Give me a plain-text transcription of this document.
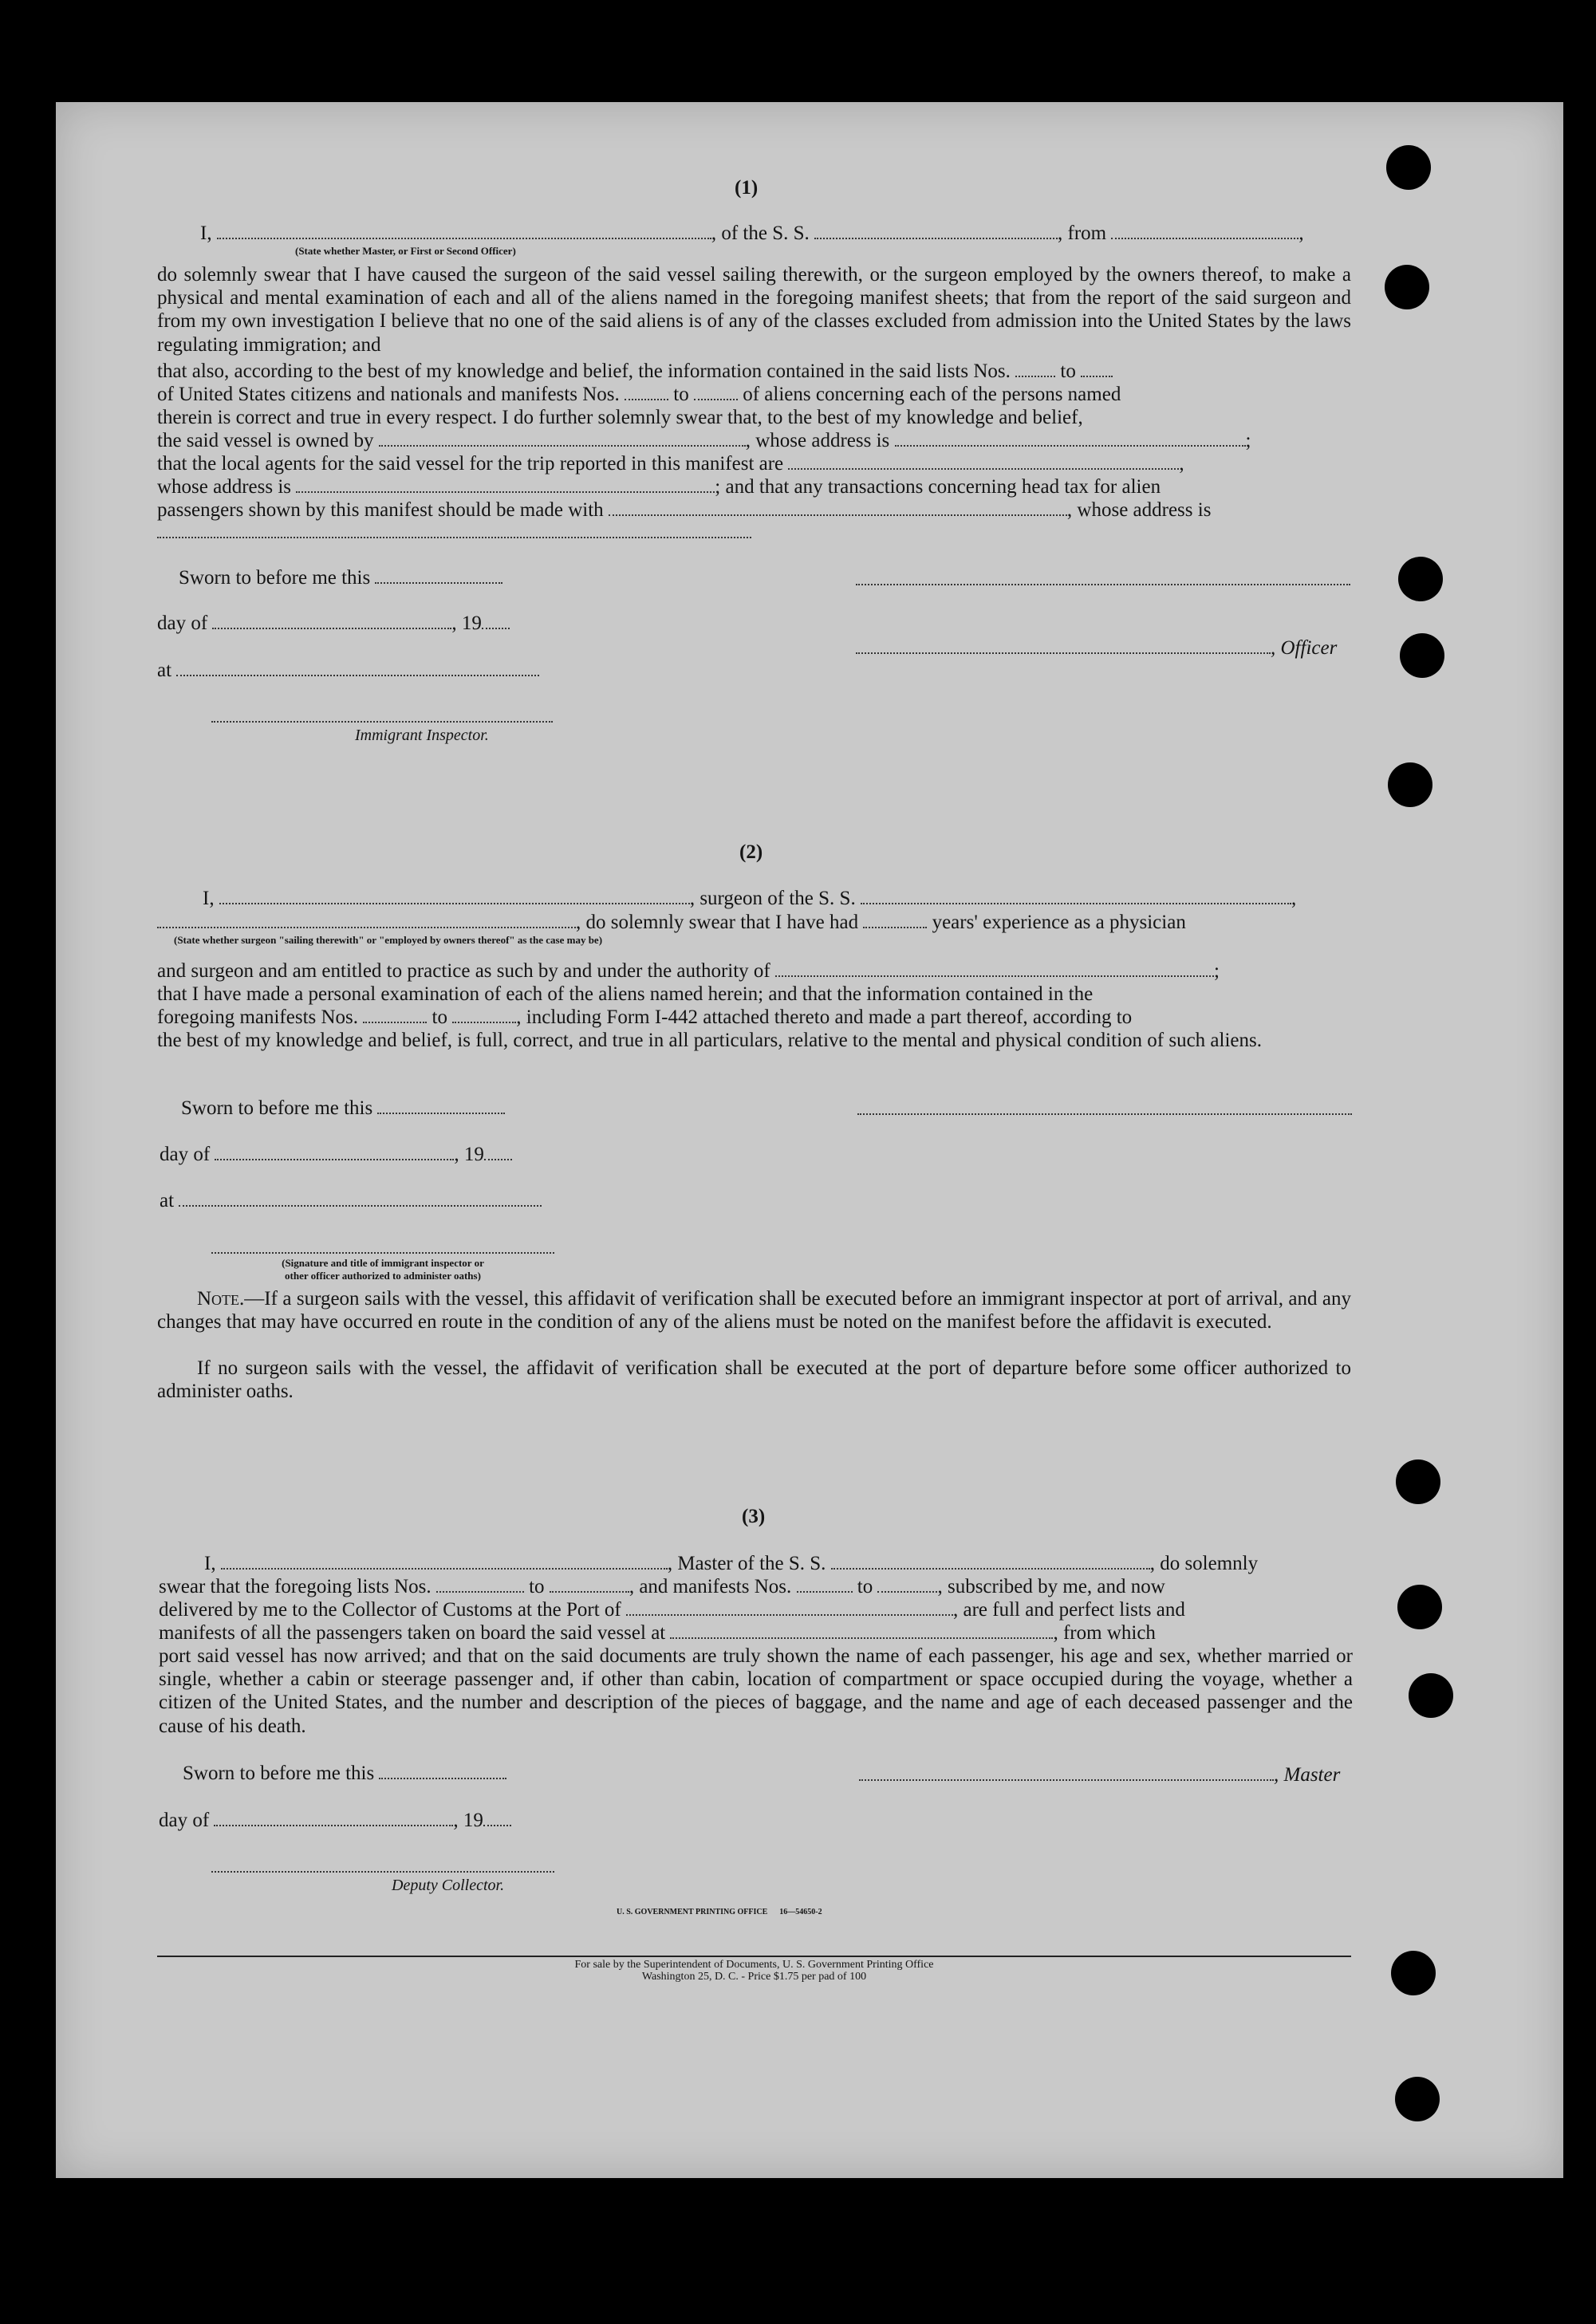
(1)
I,	, of the S. S.	, from	,
(State whether Master, or First or Second Officer)
do solemnly swear that I have caused the surgeon of the said vessel sailing therewith, or the surgeon employed by the owners thereof, to make a physical and mental examination of each and all of the aliens named in the foregoing manifest sheets; that from the report of the said surgeon and from my own investigation I believe that no one of the said aliens is of any of the classes excluded from admission into the United States by the laws regulating immigration; and
that also, according to the best of my knowledge and belief, the information contained in the said lists Nos.	to
of United States citizens and nationals and manifests Nos.	to	of aliens concerning each of the persons named
therein is correct and true in every respect. I do further solemnly swear that, to the best of my knowledge and belief,
the said vessel is owned by	, whose address is	;
that the local agents for the said vessel for the trip reported in this manifest are	,
whose address is	; and that any transactions concerning head tax for alien
passengers shown by this manifest should be made with	, whose address is
Sworn to before me this
day of	, 19
, Officer
at
Immigrant Inspector.
(2)
I,	, surgeon of the S. S.	,
, do solemnly swear that I have had	years' experience as a physician
(State whether surgeon "sailing therewith" or "employed by owners thereof" as the case may be)
and surgeon and am entitled to practice as such by and under the authority of	;
that I have made a personal examination of each of the aliens named herein; and that the information contained in the
foregoing manifests Nos.	to	, including Form I-442 attached thereto and made a part thereof, according to
the best of my knowledge and belief, is full, correct, and true in all particulars, relative to the mental and physical condition of such aliens.
Sworn to before me this
day of	, 19
at
(Signature and title of immigrant inspector or
other officer authorized to administer oaths)
Note.—If a surgeon sails with the vessel, this affidavit of verification shall be executed before an immigrant inspector at port of arrival, and any changes that may have occurred en route in the condition of any of the aliens must be noted on the manifest before the affidavit is executed.
If no surgeon sails with the vessel, the affidavit of verification shall be executed at the port of departure before some officer authorized to administer oaths.
(3)
I,	, Master of the S. S.	, do solemnly
swear that the foregoing lists Nos.	to	, and manifests Nos.	to	, subscribed by me, and now
delivered by me to the Collector of Customs at the Port of	, are full and perfect lists and
manifests of all the passengers taken on board the said vessel at	, from which
port said vessel has now arrived; and that on the said documents are truly shown the name of each passenger, his age and sex, whether married or single, whether a cabin or steerage passenger and, if other than cabin, location of compartment or space occupied during the voyage, whether a citizen of the United States, and the number and description of the pieces of baggage, and the name and age of each deceased passenger and the cause of his death.
Sworn to before me this	, Master
day of	, 19
Deputy Collector.
U. S. GOVERNMENT PRINTING OFFICE 16—54650-2
For sale by the Superintendent of Documents, U. S. Government Printing Office
Washington 25, D. C. - Price $1.75 per pad of 100
